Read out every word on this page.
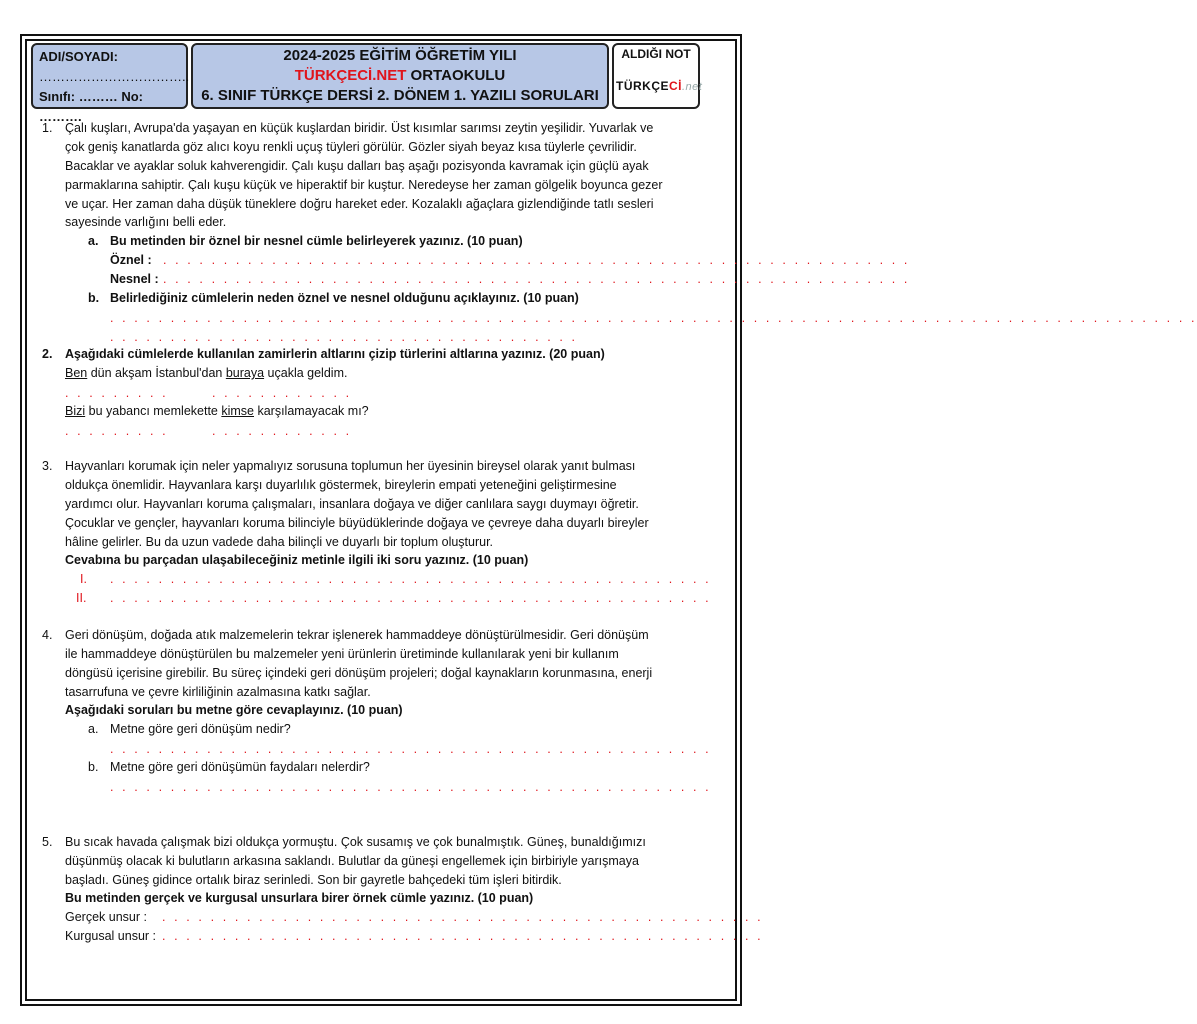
ADI/SOYADI:
……………………………..
Sınıfı: ……… No: ……….
2024-2025 EĞİTİM ÖĞRETİM YILI
TÜRKÇECİ.NET ORTAOKULU
6. SINIF TÜRKÇE DERSİ 2. DÖNEM 1. YAZILI SORULARI
ALDIĞI NOT
TÜRKÇECİ.net
1. Çalı kuşları, Avrupa'da yaşayan en küçük kuşlardan biridir. Üst kısımlar sarımsı zeytin yeşilidir. Yuvarlak ve
çok geniş kanatlarda göz alıcı koyu renkli uçuş tüyleri görülür. Gözler siyah beyaz kısa tüylerle çevrilidir.
Bacaklar ve ayaklar soluk kahverengidir. Çalı kuşu dalları baş aşağı pozisyonda kavramak için güçlü ayak
parmaklarına sahiptir. Çalı kuşu küçük ve hiperaktif bir kuştur. Neredeyse her zaman gölgelik boyunca gezer
ve uçar. Her zaman daha düşük tüneklere doğru hareket eder. Kozalaklı ağaçlara gizlendiğinde tatlı sesleri
sayesinde varlığını belli eder.
a. Bu metinden bir öznel bir nesnel cümle belirleyerek yazınız. (10 puan)
Öznel : . . . . . . . . . . . . . . . . . . . . . . . . . . . . . . . . . . . . . . . . . . . . . . . . . . . . . . . . . . . . . .
Nesnel : . . . . . . . . . . . . . . . . . . . . . . . . . . . . . . . . . . . . . . . . . . . . . . . . . . . . . . . . . . . . . .
b. Belirlediğiniz cümlelerin neden öznel ve nesnel olduğunu açıklayınız. (10 puan)
. . . . . . . . . . . . . . . . . . . . . . . . . . . . . . . . . . . . . . . . . . . . . . . . . . . . . . . . . . . . . . . . . . . . . . . . . . . . . . . . . . . . . . . . . .
. . . . . . . . . . . . . . . . . . . . . . . . . . . . . . . . . . . . . . .
2. Aşağıdaki cümlelerde kullanılan zamirlerin altlarını çizip türlerini altlarına yazınız. (20 puan)
Ben dün akşam İstanbul'dan buraya uçakla geldim.
. . . . . . . . .	. . . . . . . . . . . .
Bizi bu yabancı memlekette kimse karşılamayacak mı?
. . . . . . . . .	. . . . . . . . . . . .
3. Hayvanları korumak için neler yapmalıyız sorusuna toplumun her üyesinin bireysel olarak yanıt bulması
oldukça önemlidir. Hayvanlara karşı duyarlılık göstermek, bireylerin empati yeteneğini geliştirmesine
yardımcı olur. Hayvanları koruma çalışmaları, insanlara doğaya ve diğer canlılara saygı duymayı öğretir.
Çocuklar ve gençler, hayvanları koruma bilinciyle büyüdüklerinde doğaya ve çevreye daha duyarlı bireyler
hâline gelirler. Bu da uzun vadede daha bilinçli ve duyarlı bir toplum oluşturur.
Cevabına bu parçadan ulaşabileceğiniz metinle ilgili iki soru yazınız. (10 puan)
I. . . . . . . . . . . . . . . . . . . . . . . . . . . . . . . . . . . . . . . . . . . . . . . . . . .
II. . . . . . . . . . . . . . . . . . . . . . . . . . . . . . . . . . . . . . . . . . . . . . . . . . .
4. Geri dönüşüm, doğada atık malzemelerin tekrar işlenerek hammaddeye dönüştürülmesidir. Geri dönüşüm
ile hammaddeye dönüştürülen bu malzemeler yeni ürünlerin üretiminde kullanılarak yeni bir kullanım
döngüsü içerisine girebilir. Bu süreç içindeki geri dönüşüm projeleri; doğal kaynakların korunmasına, enerji
tasarrufuna ve çevre kirliliğinin azalmasına katkı sağlar.
Aşağıdaki soruları bu metne göre cevaplayınız. (10 puan)
a. Metne göre geri dönüşüm nedir?
. . . . . . . . . . . . . . . . . . . . . . . . . . . . . . . . . . . . . . . . . . . . . . . . . .
b. Metne göre geri dönüşümün faydaları nelerdir?
. . . . . . . . . . . . . . . . . . . . . . . . . . . . . . . . . . . . . . . . . . . . . . . . . .
5. Bu sıcak havada çalışmak bizi oldukça yormuştu. Çok susamış ve çok bunalmıştık. Güneş, bunaldığımızı
düşünmüş olacak ki bulutların arkasına saklandı. Bulutlar da güneşi engellemek için birbiriyle yarışmaya
başladı. Güneş gidince ortalık biraz serinledi. Son bir gayretle bahçedeki tüm işleri bitirdik.
Bu metinden gerçek ve kurgusal unsurlara birer örnek cümle yazınız. (10 puan)
Gerçek unsur : . . . . . . . . . . . . . . . . . . . . . . . . . . . . . . . . . . . . . . . . . . . . . . . . . .
Kurgusal unsur : . . . . . . . . . . . . . . . . . . . . . . . . . . . . . . . . . . . . . . . . . . . . . . . . . .
